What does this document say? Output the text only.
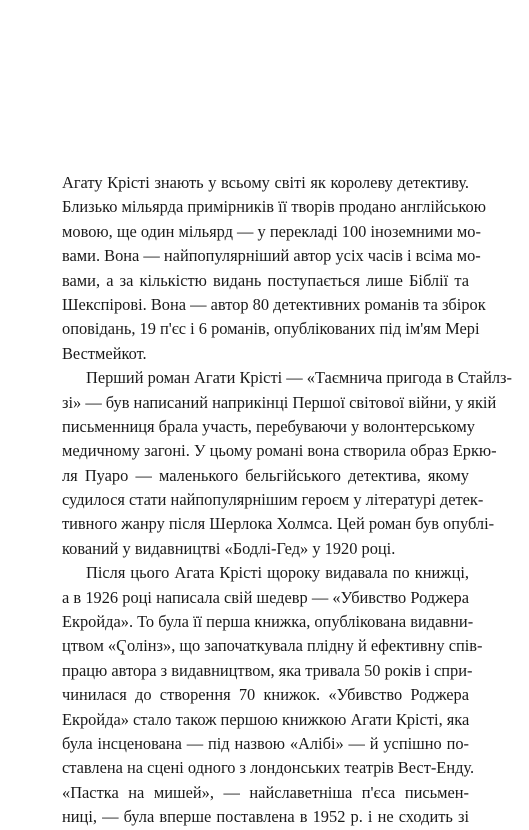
Агату Крісті знають у всьому світі як королеву детективу.
Близько мільярда примірників її творів продано англійською
мовою, ще один мільярд — у перекладі 100 іноземними мо-
вами. Вона — найпопулярніший автор усіх часів і всіма мо-
вами, а за кількістю видань поступається лише Біблії та
Шекспірові. Вона — автор 80 детективних романів та збірок
оповідань, 19 п'єс і 6 романів, опублікованих під ім'ям Мері
Вестмейкот.
Перший роман Агати Крісті — «Таємнича пригода в Стайлз-
зі» — був написаний наприкінці Першої світової війни, у якій
письменниця брала участь, перебуваючи у волонтерському
медичному загоні. У цьому романі вона створила образ Еркю-
ля Пуаро — маленького бельгійського детектива, якому
судилося стати найпопулярнішим героєм у літературі детек-
тивного жанру після Шерлока Холмса. Цей роман був опублі-
кований у видавництві «Бодлі-Гед» у 1920 році.
Після цього Агата Крісті щороку видавала по книжці,
а в 1926 році написала свій шедевр — «Убивство Роджера
Екройда». То була її перша книжка, опублікована видавни-
цтвом «Ҁолінз», що започаткувала плідну й ефективну спів-
працю автора з видавництвом, яка тривала 50 років і спри-
чинилася до створення 70 книжок. «Убивство Роджера
Екройда» стало також першою книжкою Агати Крісті, яка
була інсценована — під назвою «Алібі» — й успішно по-
ставлена на сцені одного з лондонських театрів Вест-Енду.
«Пастка на мишей», — найславетніша п'єса письмен-
ниці, — була вперше поставлена в 1952 р. і не сходить зі
